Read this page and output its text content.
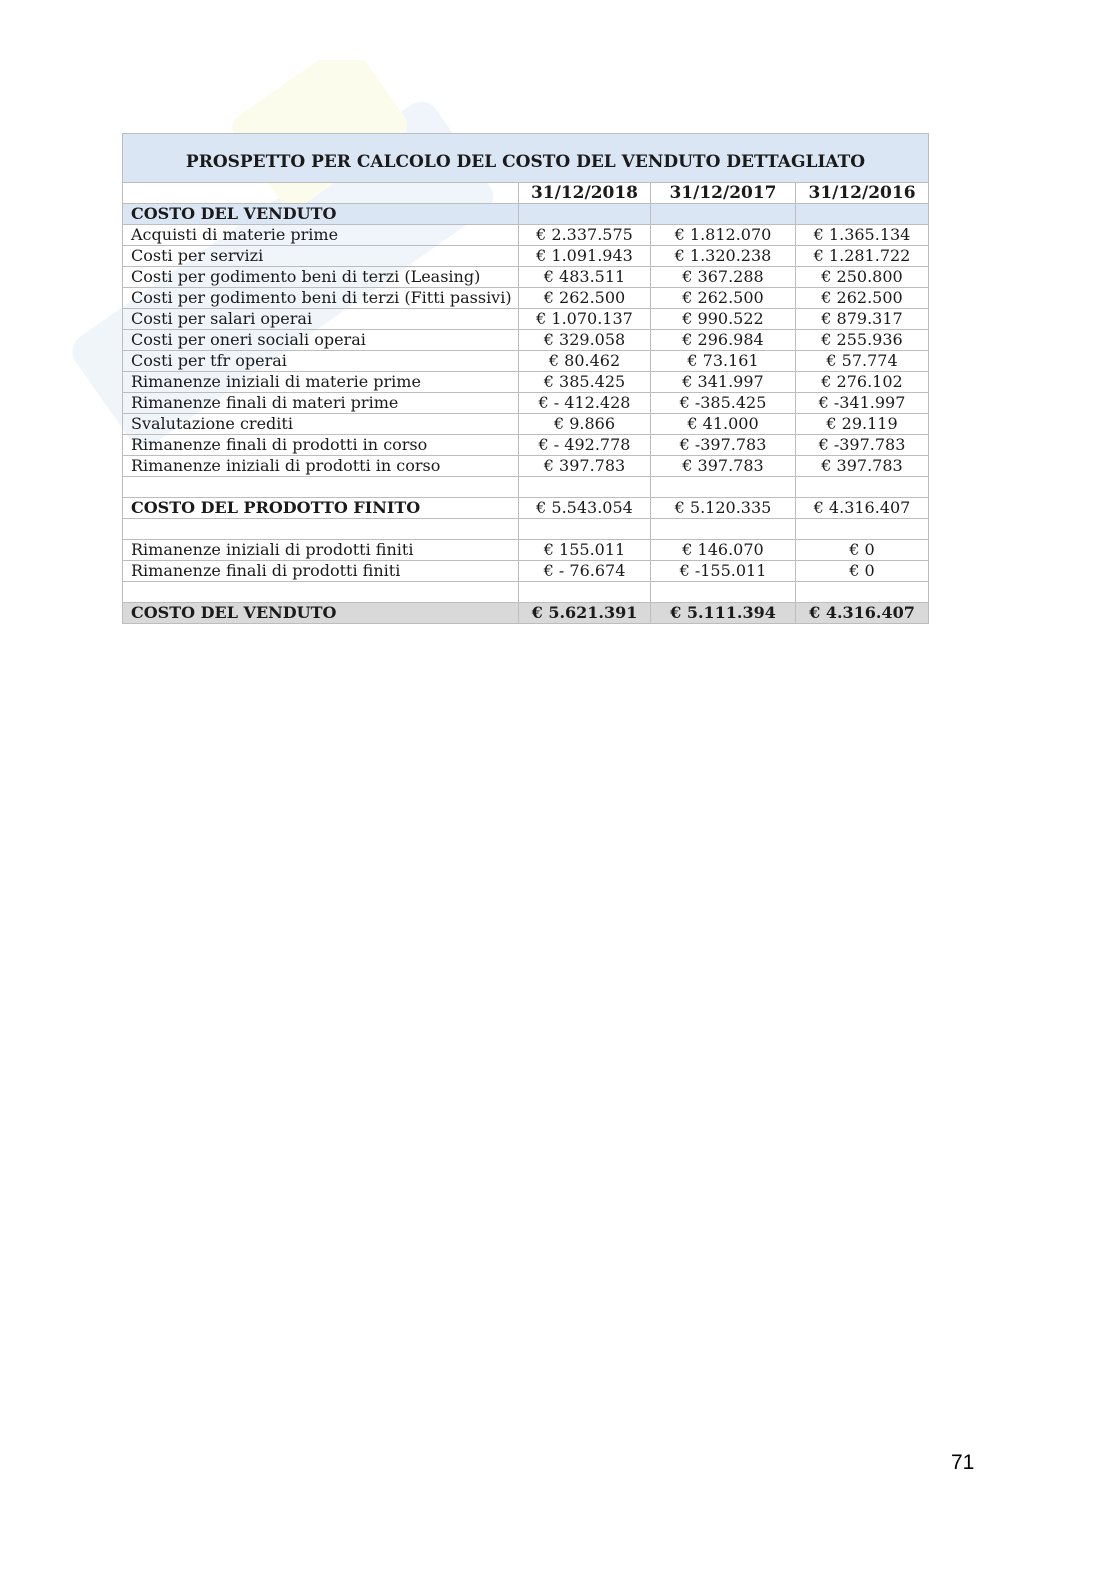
PROSPETTO PER CALCOLO DEL COSTO DEL VENDUTO DETTAGLIATO			
	31/12/2018	31/12/2017	31/12/2016
COSTO DEL VENDUTO			
Acquisti di materie prime	€ 2.337.575	€ 1.812.070	€ 1.365.134
Costi per servizi	€ 1.091.943	€ 1.320.238	€ 1.281.722
Costi per godimento beni di terzi (Leasing)	€ 483.511	€ 367.288	€ 250.800
Costi per godimento beni di terzi (Fitti passivi)	€ 262.500	€ 262.500	€ 262.500
Costi per salari operai	€ 1.070.137	€ 990.522	€ 879.317
Costi per oneri sociali operai	€ 329.058	€ 296.984	€ 255.936
Costi per tfr operai	€ 80.462	€ 73.161	€ 57.774
Rimanenze iniziali di materie prime	€ 385.425	€ 341.997	€ 276.102
Rimanenze finali di materi prime	€ - 412.428	€ -385.425	€ -341.997
Svalutazione crediti	€ 9.866	€ 41.000	€ 29.119
Rimanenze finali di prodotti in corso	€ - 492.778	€ -397.783	€ -397.783
Rimanenze iniziali di prodotti in corso	€ 397.783	€ 397.783	€ 397.783

COSTO DEL PRODOTTO FINITO	€ 5.543.054	€ 5.120.335	€ 4.316.407

Rimanenze iniziali di prodotti finiti	€ 155.011	€ 146.070	€ 0
Rimanenze finali di prodotti finiti	€ - 76.674	€ -155.011	€ 0

COSTO DEL VENDUTO	€ 5.621.391	€ 5.111.394	€ 4.316.407
71
